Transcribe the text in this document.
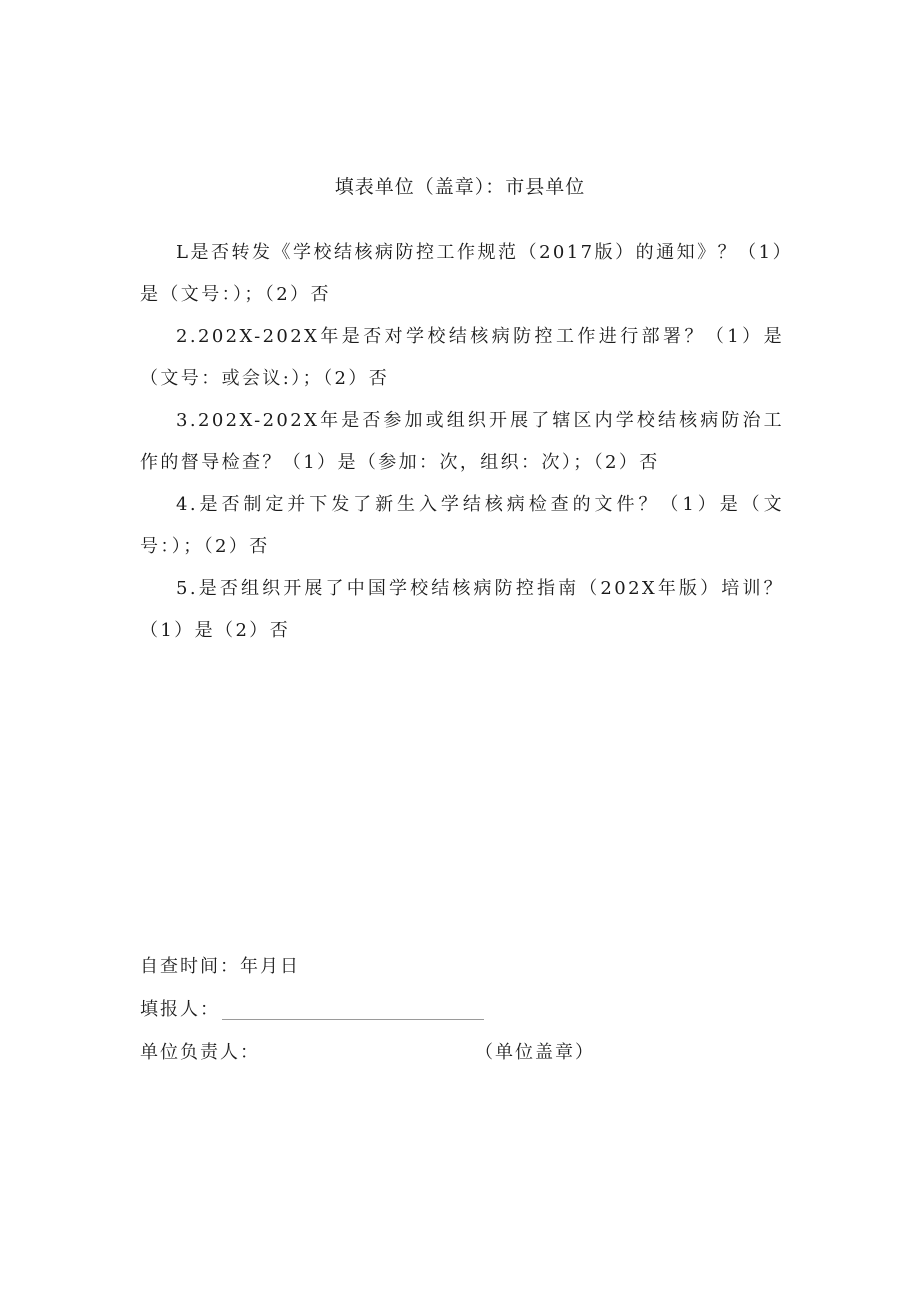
填表单位（盖章）：市县单位

L是否转发《学校结核病防控工作规范（2017版）的通知》？（1）是（文号：）；（2）否

2.202X-202X年是否对学校结核病防控工作进行部署？（1）是（文号：或会议:）；（2）否

3.202X-202X年是否参加或组织开展了辖区内学校结核病防治工作的督导检查？（1）是（参加：次，组织：次）；（2）否

4.是否制定并下发了新生入学结核病检查的文件？（1）是（文号：）；（2）否

5.是否组织开展了中国学校结核病防控指南（202X年版）培训？（1）是（2）否

自查时间：年月日
填报人：
单位负责人：	（单位盖章）
